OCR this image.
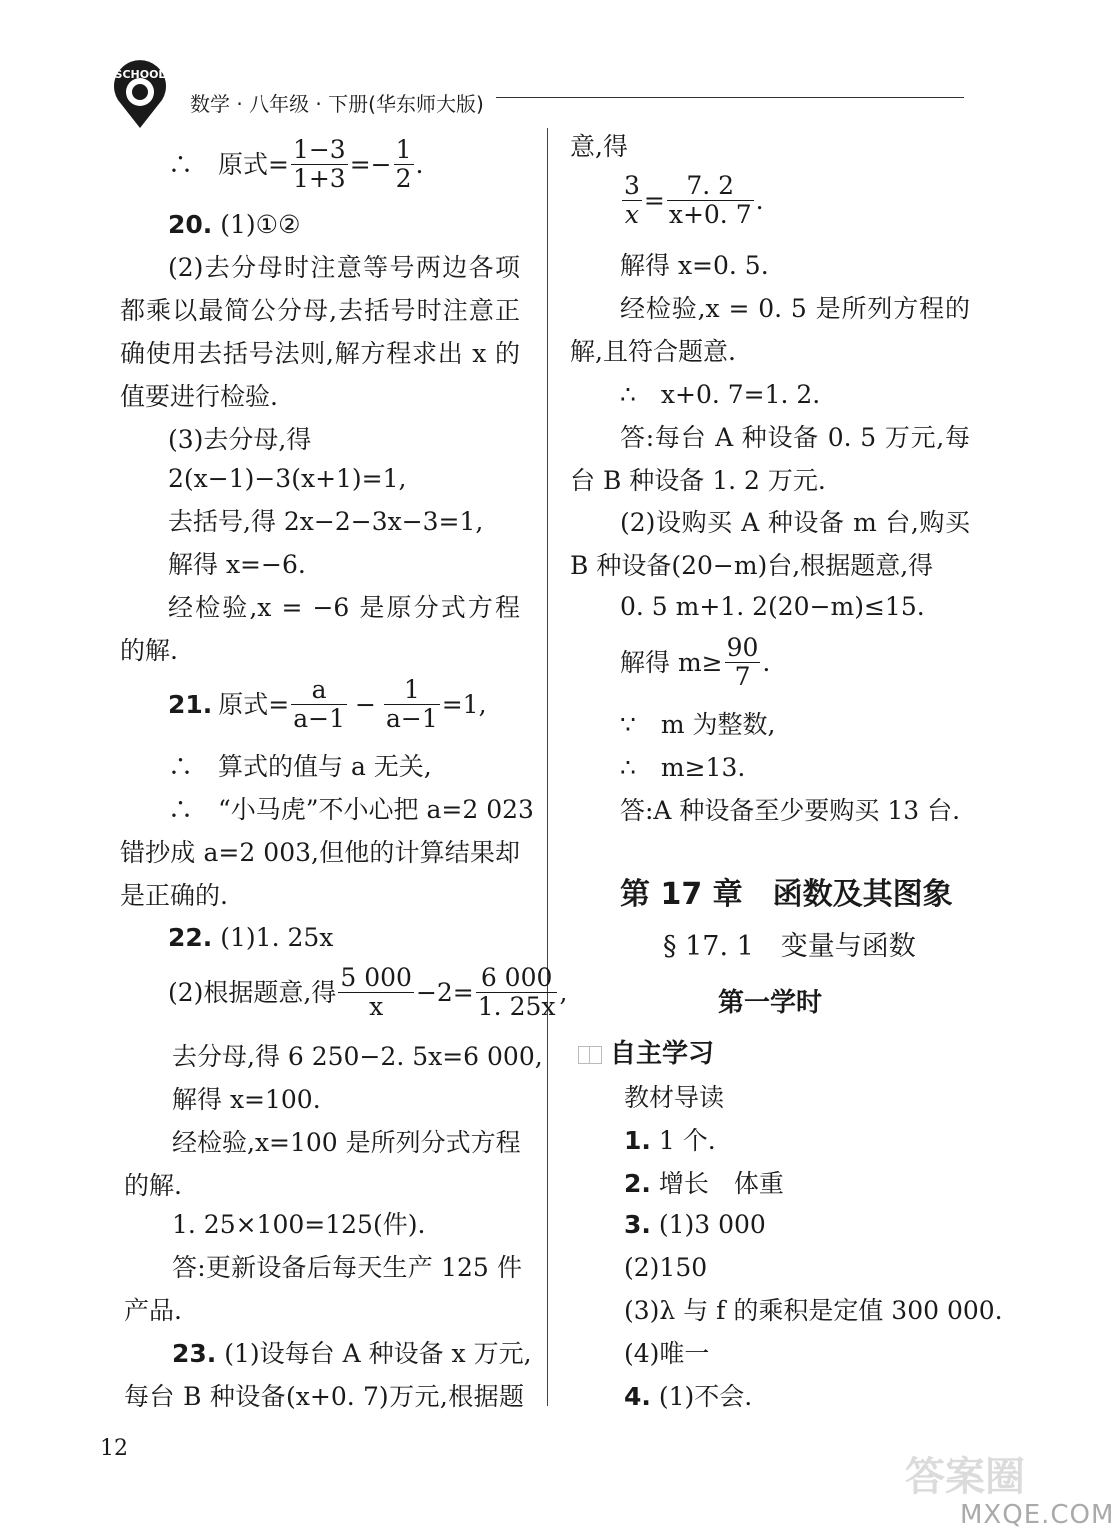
SCHOOL
数学 · 八年级 · 下册(华东师大版)
∴　原式= $\frac{1-3}{1+3} =- \frac{1}{2}$ .
20. (1)①②
(2)去分母时注意等号两边各项
都乘以最简公分母,去括号时注意正
确使用去括号法则,解方程求出 x 的
值要进行检验.
(3)去分母,得
2(x−1)−3(x+1)=1,
去括号,得 2x−2−3x−3=1,
解得 x=−6.
经检验,x = −6 是原分式方程
的解.
21. 原式= $\frac{a}{a-1} - \frac{1}{a-1} =1$,
∴　算式的值与 a 无关,
∴　“小马虎”不小心把 a=2 023
错抄成 a=2 003,但他的计算结果却
是正确的.
22. (1)1. 25x
(2)根据题意,得 $\frac{5 000}{x} -2= \frac{6 000}{1. 25x}$ ,
去分母,得 6 250−2. 5x=6 000,
解得 x=100.
经检验,x=100 是所列分式方程
的解.
1. 25×100=125(件).
答:更新设备后每天生产 125 件
产品.
23. (1)设每台 A 种设备 x 万元,
每台 B 种设备(x+0. 7)万元,根据题
意,得
$\frac{3}{x} = \frac{7. 2}{x+0. 7}$ .
解得 x=0. 5.
经检验,x = 0. 5 是所列方程的
解,且符合题意.
∴　x+0. 7=1. 2.
答:每台 A 种设备 0. 5 万元,每
台 B 种设备 1. 2 万元.
(2)设购买 A 种设备 m 台,购买
B 种设备(20−m)台,根据题意,得
0. 5 m+1. 2(20−m)≤15.
解得 $m\ge \frac{90}{7}$ .
∵　m 为整数,
∴　m≥13.
答:A 种设备至少要购买 13 台.
第 17 章　函数及其图象
§ 17. 1　变量与函数
第一学时
自主学习
教材导读
1. 1 个.
2. 增长　体重
3. (1)3 000
(2)150
(3)λ 与 f 的乘积是定值 300 000.
(4)唯一
4. (1)不会.
12
答案圈
MXQE.COM
